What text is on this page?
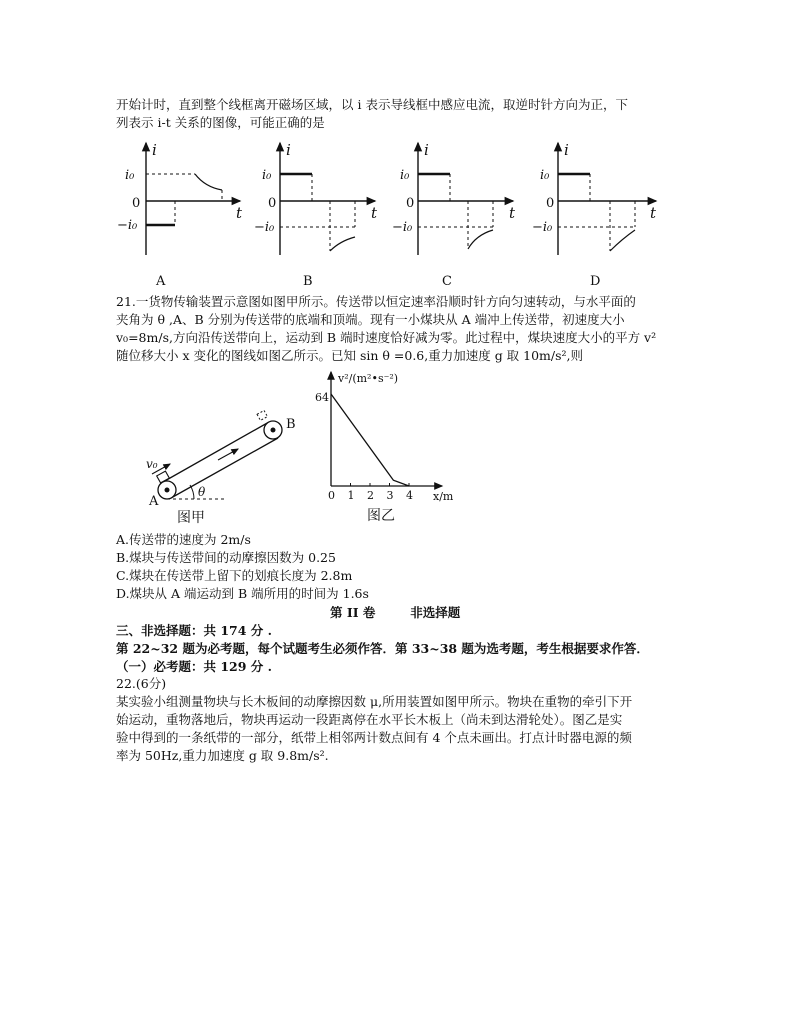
开始计时，直到整个线框离开磁场区域，以 i 表示导线框中感应电流，取逆时针方向为正，下
列表示 i-t 关系的图像，可能正确的是
i
t
i₀
0
−i₀
A
i
t
i₀
0
−i₀
B
i
t
i₀
0
−i₀
C
i
t
i₀
0
−i₀
D
21.一货物传输装置示意图如图甲所示。传送带以恒定速率沿顺时针方向匀速转动，与水平面的
夹角为 θ ,A、B 分别为传送带的底端和顶端。现有一小煤块从 A 端冲上传送带，初速度大小
v₀=8m/s,方向沿传送带向上，运动到 B 端时速度恰好减为零。此过程中，煤块速度大小的平方 v²
随位移大小 x 变化的图线如图乙所示。已知 sin θ =0.6,重力加速度 g 取 10m/s²,则
θ
v₀
A
B
图甲
v²/(m²•s⁻²)
x/m
64
0 1 2 3 4
图乙
A.传送带的速度为 2m/s
B.煤块与传送带间的动摩擦因数为 0.25
C.煤块在传送带上留下的划痕长度为 2.8m
D.煤块从 A 端运动到 B 端所用的时间为 1.6s
第 II 卷        非选择题
三、非选择题：共 174 分 .
第 22~32 题为必考题，每个试题考生必须作答．第 33~38 题为选考题，考生根据要求作答．
（一）必考题：共 129 分 .
22.(6分)
某实验小组测量物块与长木板间的动摩擦因数 μ,所用装置如图甲所示。物块在重物的牵引下开
始运动，重物落地后，物块再运动一段距离停在水平长木板上（尚未到达滑轮处）。图乙是实
验中得到的一条纸带的一部分，纸带上相邻两计数点间有 4 个点未画出。打点计时器电源的频
率为 50Hz,重力加速度 g 取 9.8m/s².
